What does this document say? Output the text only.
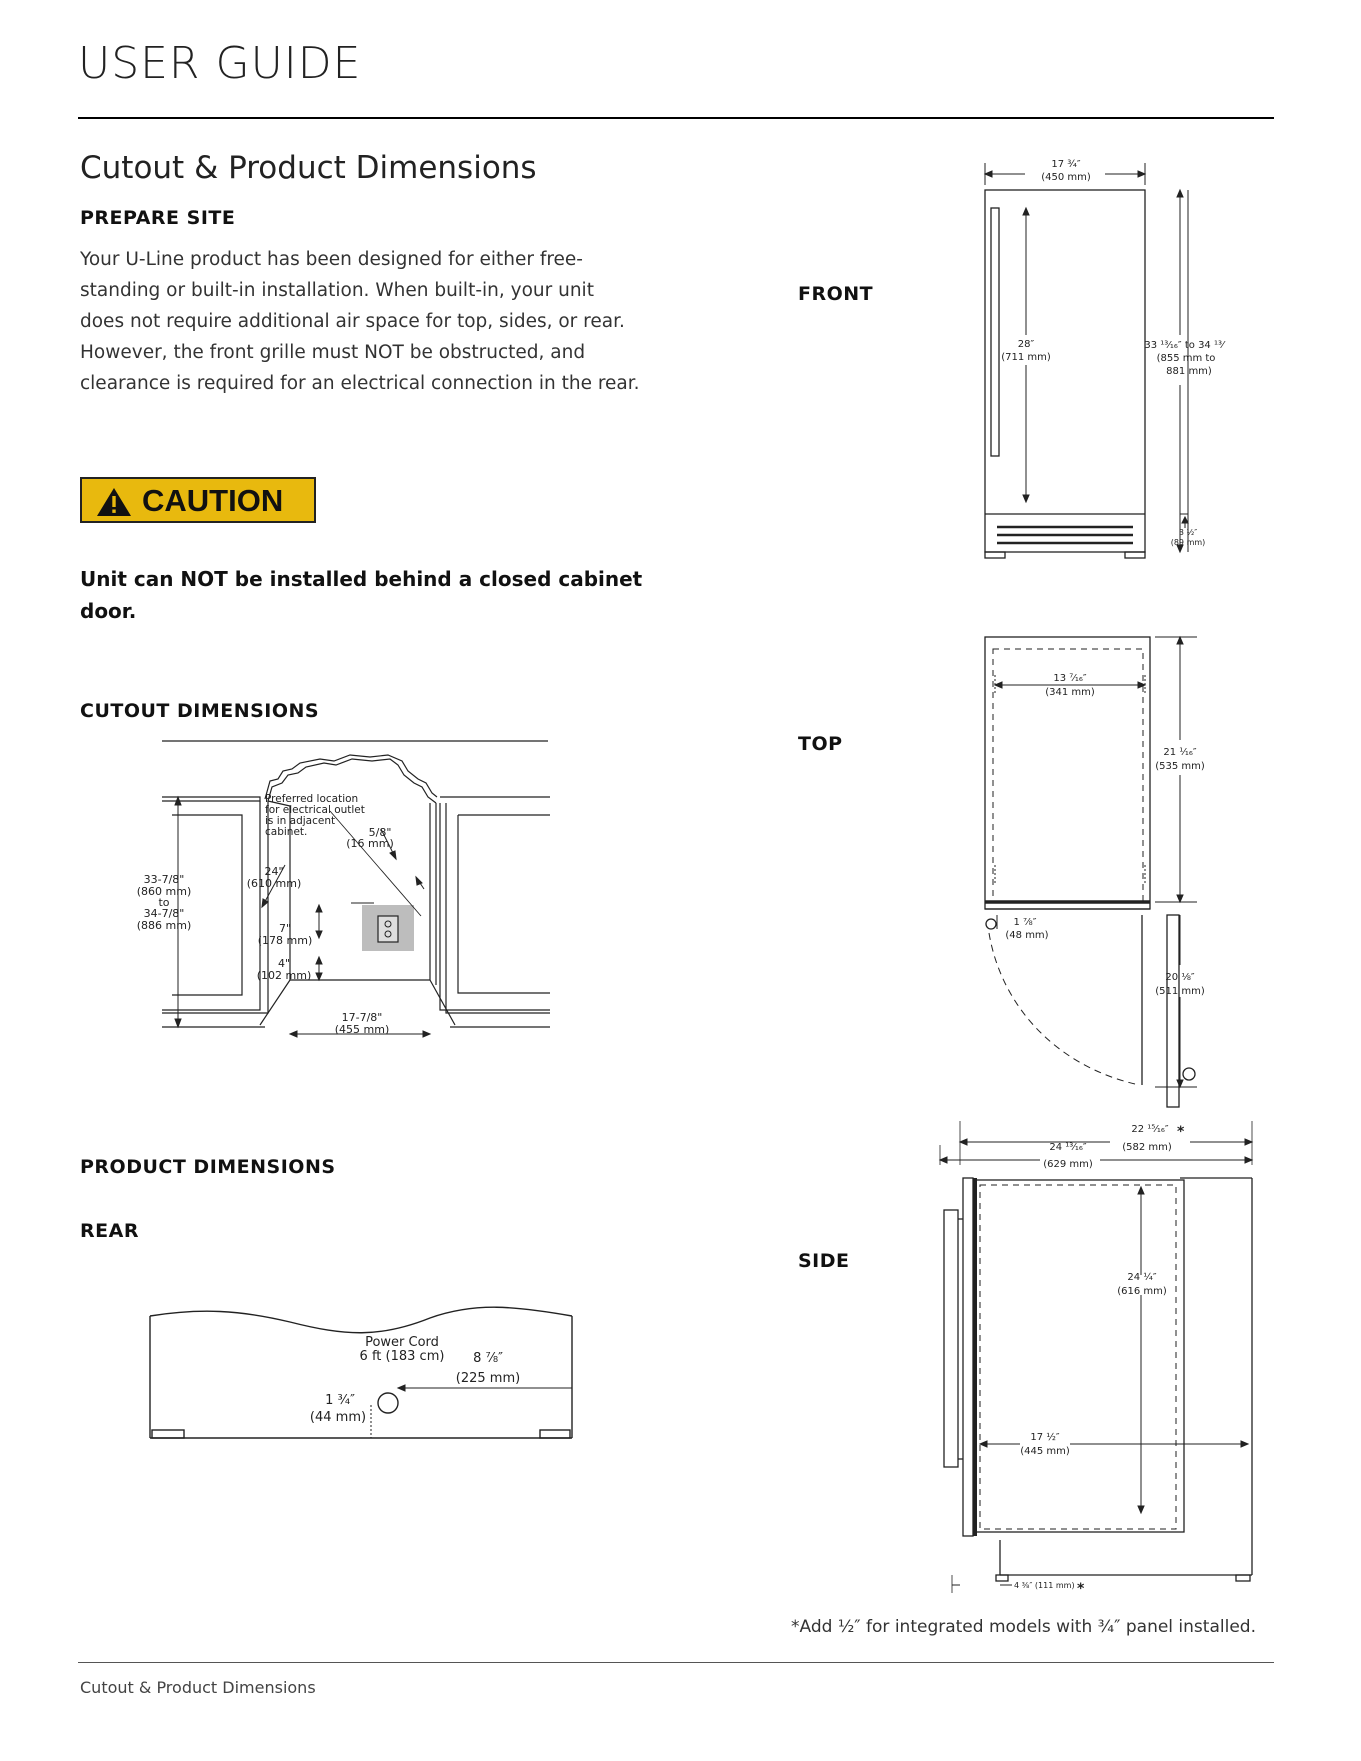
USER GUIDE
Cutout & Product Dimensions
PREPARE SITE
Your U-Line product has been designed for either free-standing or built-in installation. When built-in, your unit does not require additional air space for top, sides, or rear. However, the front grille must NOT be obstructed, and clearance is required for an electrical connection in the rear.
CAUTION
Unit can NOT be installed behind a closed cabinet door.
CUTOUT DIMENSIONS
Preferred location
for electrical outlet
is in adjacent
cabinet.	5/8"
(16 mm)
33-7/8"
(860 mm)
to
34-7/8"
(886 mm)
24"
(610 mm)
7"
(178 mm)
4"
(102 mm)
17-7/8"
(455 mm)
PRODUCT DIMENSIONS
REAR
Power Cord
6 ft (183 cm) 8 ⅞″
(225 mm)
1 ¾″
(44 mm)
FRONT
TOP
SIDE
17 ¾″
(450 mm)
28″
(711 mm)
33 ¹³⁄₁₆″ to 34 ¹³⁄
(855 mm to
881 mm)
3 ½″
(89 mm)
13 ⁷⁄₁₆″
(341 mm)
21 ¹⁄₁₆″
(535 mm)
1 ⅞″
(48 mm)
20 ⅛″
(511 mm)
22 ¹⁵⁄₁₆″
(582 mm)
24 ¹³⁄₁₆″
(629 mm)
24 ¼″
(616 mm)
17 ½″
(445 mm)
4 ⅜″ (111 mm) *
*
*Add ½″ for integrated models with ¾″ panel installed.
Cutout & Product Dimensions
